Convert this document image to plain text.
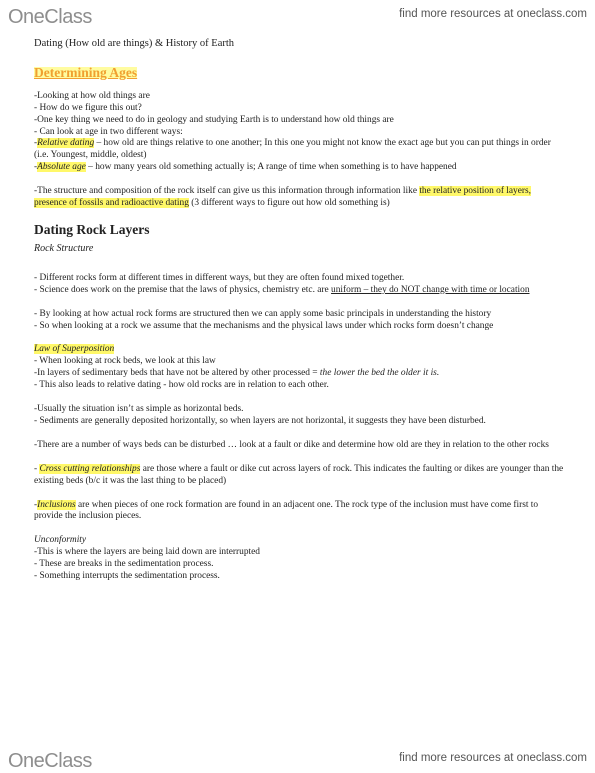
OneClass	find more resources at oneclass.com

Dating (How old are things) & History of Earth

Determining Ages

-Looking at how old things are

- How do we figure this out?

-One key thing we need to do in geology and studying Earth is to understand how old things are

- Can look at age in two different ways:

-Relative dating – how old are things relative to one another; In this one you might not know the exact age but you can put things in order (i.e. Youngest, middle, oldest)

-Absolute age – how many years old something actually is; A range of time when something is to have happened

-The structure and composition of the rock itself can give us this information through information like the relative position of layers, presence of fossils and radioactive dating (3 different ways to figure out how old something is)

Dating Rock Layers

Rock Structure

- Different rocks form at different times in different ways, but they are often found mixed together.

- Science does work on the premise that the laws of physics, chemistry etc. are uniform – they do NOT change with time or location

- By looking at how actual rock forms are structured then we can apply some basic principals in understanding the history

- So when looking at a rock we assume that the mechanisms and the physical laws under which rocks form doesn’t change

Law of Superposition

- When looking at rock beds, we look at this law

-In layers of sedimentary beds that have not be altered by other processed = the lower the bed the older it is.

- This also leads to relative dating - how old rocks are in relation to each other.

-Usually the situation isn’t as simple as horizontal beds.

- Sediments are generally deposited horizontally, so when layers are not horizontal, it suggests they have been disturbed.

-There are a number of ways beds can be disturbed … look at a fault or dike and determine how old are they in relation to the other rocks

- Cross cutting relationships are those where a fault or dike cut across layers of rock. This indicates the faulting or dikes are younger than the existing beds (b/c it was the last thing to be placed)

-Inclusions are when pieces of one rock formation are found in an adjacent one. The rock type of the inclusion must have come first to provide the inclusion pieces.

Unconformity

-This is where the layers are being laid down are interrupted

- These are breaks in the sedimentation process.

- Something interrupts the sedimentation process.

OneClass	find more resources at oneclass.com
